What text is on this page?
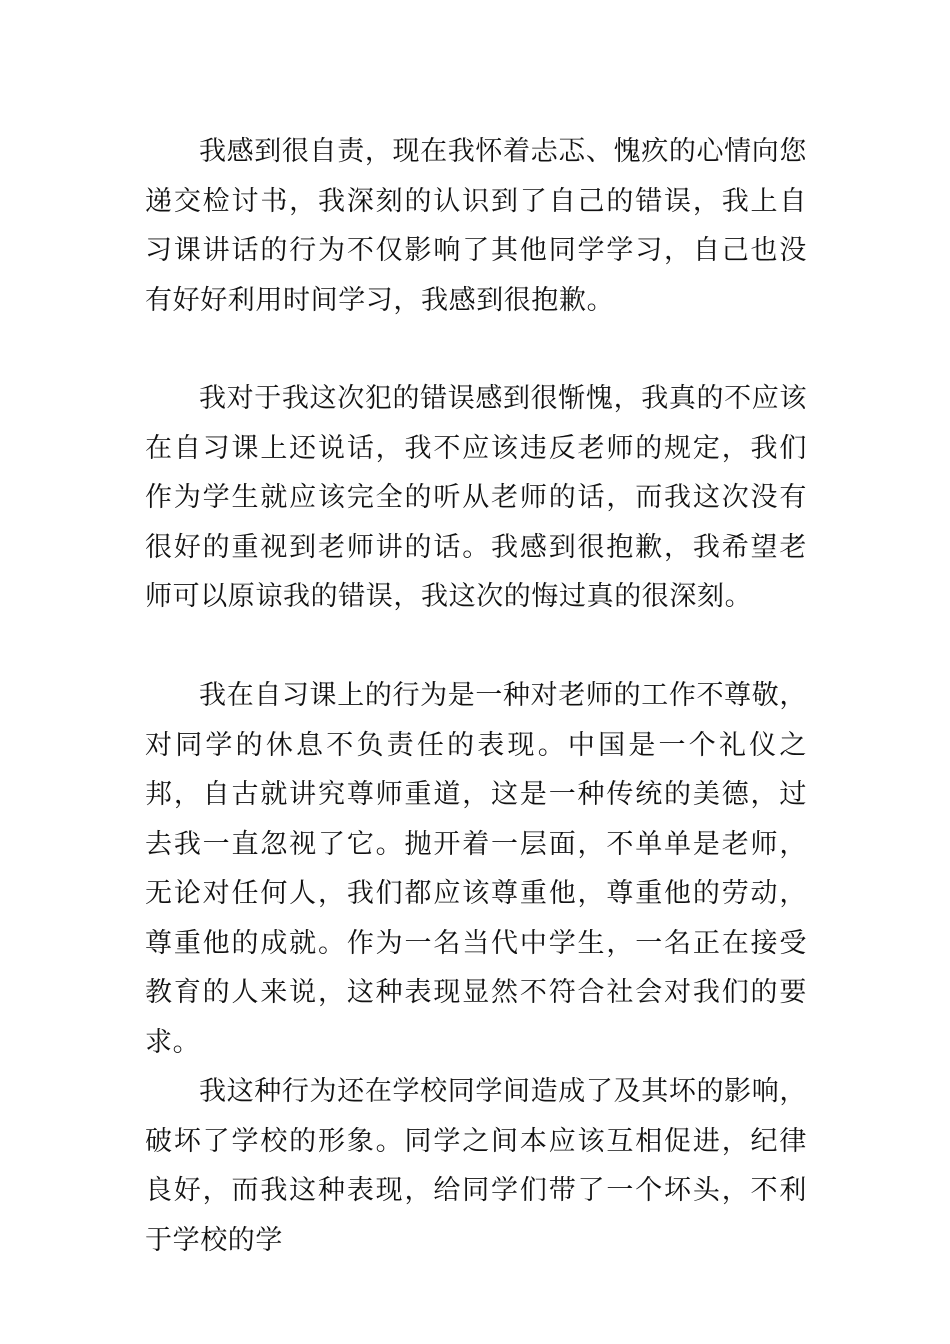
我感到很自责，现在我怀着忐忑、愧疚的心情向您递交检讨书，我深刻的认识到了自己的错误，我上自习课讲话的行为不仅影响了其他同学学习，自己也没有好好利用时间学习，我感到很抱歉。

我对于我这次犯的错误感到很惭愧，我真的不应该在自习课上还说话，我不应该违反老师的规定，我们作为学生就应该完全的听从老师的话，而我这次没有很好的重视到老师讲的话。我感到很抱歉，我希望老师可以原谅我的错误，我这次的悔过真的很深刻。

我在自习课上的行为是一种对老师的工作不尊敬，对同学的休息不负责任的表现。中国是一个礼仪之邦，自古就讲究尊师重道，这是一种传统的美德，过去我一直忽视了它。抛开着一层面，不单单是老师，无论对任何人，我们都应该尊重他，尊重他的劳动，尊重他的成就。作为一名当代中学生，一名正在接受教育的人来说，这种表现显然不符合社会对我们的要求。

我这种行为还在学校同学间造成了及其坏的影响，破坏了学校的形象。同学之间本应该互相促进，纪律良好，而我这种表现，给同学们带了一个坏头，不利于学校的学
